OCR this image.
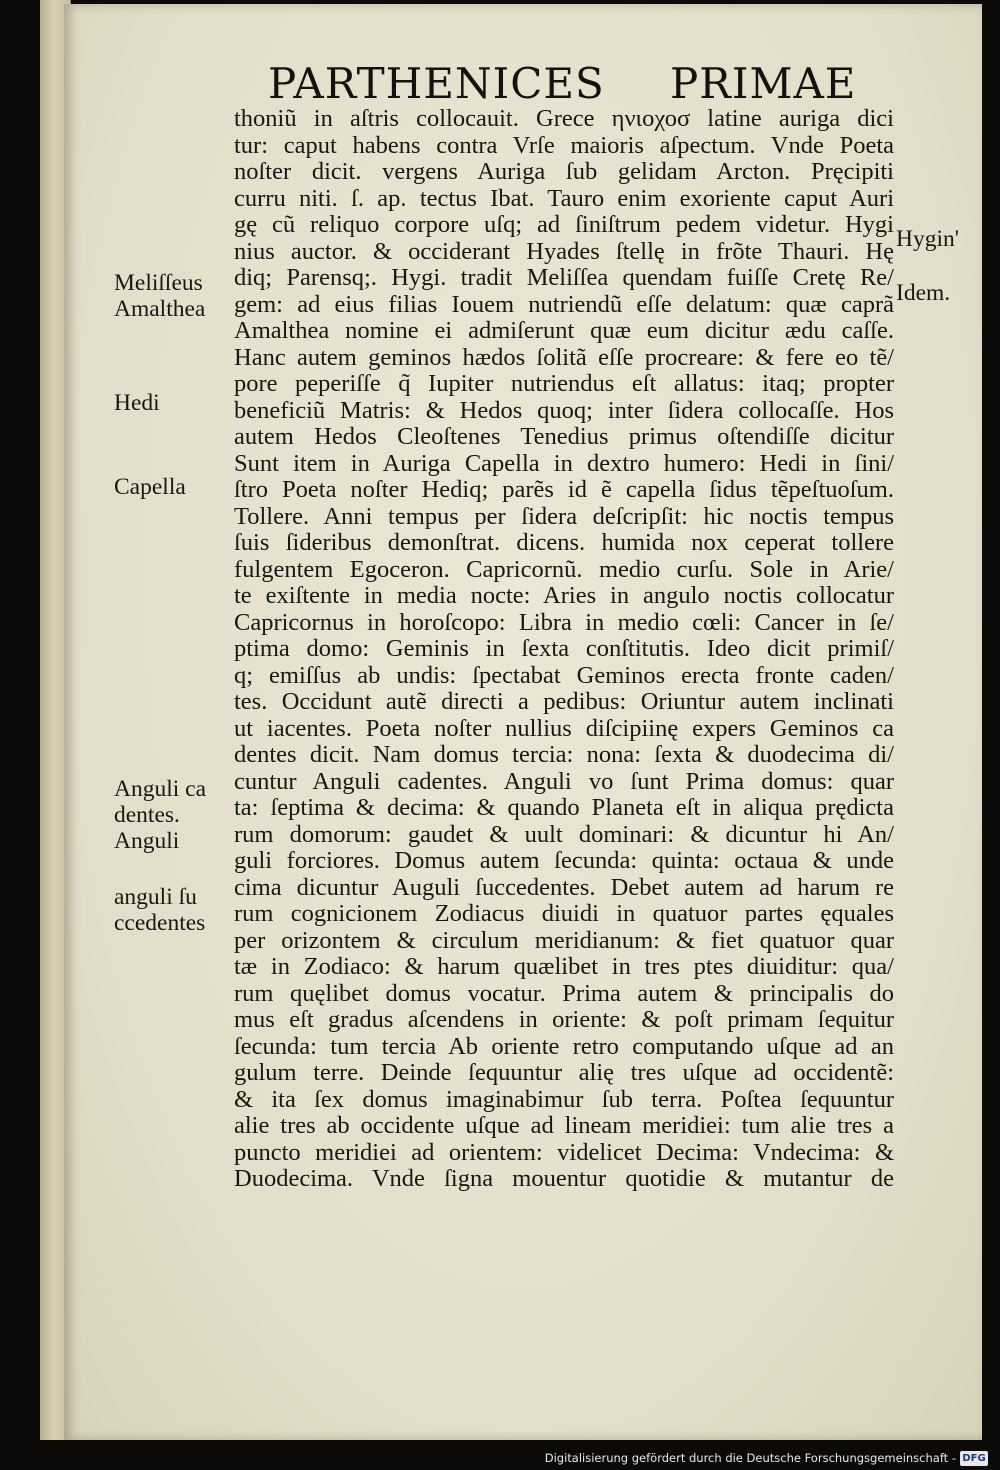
PARTHENICES PRIMAE
thoniũ in aſtris collocauit. Grece ηνιοχοσ latine auriga dici
tur: caput habens contra Vrſe maioris aſpectum. Vnde Poeta
noſter dicit. vergens Auriga ſub gelidam Arcton. Pręcipiti
curru niti. ſ. ap. tectus Ibat. Tauro enim exoriente caput Auri
gę cũ reliquo corpore uſq; ad ſiniſtrum pedem videtur. Hygi
nius auctor. & occiderant Hyades ſtellę in frõte Thauri. Hę
diq; Parensq;. Hygi. tradit Meliſſea quendam fuiſſe Cretę Re/
gem: ad eius filias Iouem nutriendũ eſſe delatum: quæ caprã
Amalthea nomine ei admiſerunt quæ eum dicitur ædu caſſe.
Hanc autem geminos hædos ſolitã eſſe procreare: & fere eo tẽ/
pore peperiſſe q̃ Iupiter nutriendus eſt allatus: itaq; propter
beneficiũ Matris: & Hedos quoq; inter ſidera collocaſſe. Hos
autem Hedos Cleoſtenes Tenedius primus oſtendiſſe dicitur
Sunt item in Auriga Capella in dextro humero: Hedi in ſini/
ſtro Poeta noſter Hediq; parẽs id ẽ capella ſidus tẽpeſtuoſum.
Tollere. Anni tempus per ſidera deſcripſit: hic noctis tempus
ſuis ſideribus demonſtrat. dicens. humida nox ceperat tollere
fulgentem Egoceron. Capricornũ. medio curſu. Sole in Arie/
te exiſtente in media nocte: Aries in angulo noctis collocatur
Capricornus in horoſcopo: Libra in medio cœli: Cancer in ſe/
ptima domo: Geminis in ſexta conſtitutis. Ideo dicit primiſ/
q; emiſſus ab undis: ſpectabat Geminos erecta fronte caden/
tes. Occidunt autẽ directi a pedibus: Oriuntur autem inclinati
ut iacentes. Poeta noſter nullius diſcipiinę expers Geminos ca
dentes dicit. Nam domus tercia: nona: ſexta & duodecima di/
cuntur Anguli cadentes. Anguli vo ſunt Prima domus: quar
ta: ſeptima & decima: & quando Planeta eſt in aliqua prędicta
rum domorum: gaudet & uult dominari: & dicuntur hi An/
guli forciores. Domus autem ſecunda: quinta: octaua & unde
cima dicuntur Auguli ſuccedentes. Debet autem ad harum re
rum cognicionem Zodiacus diuidi in quatuor partes ęquales
per orizontem & circulum meridianum: & fiet quatuor quar
tæ in Zodiaco: & harum quælibet in tres ptes diuiditur: qua/
rum quęlibet domus vocatur. Prima autem & principalis do
mus eſt gradus aſcendens in oriente: & poſt primam ſequitur
ſecunda: tum tercia Ab oriente retro computando uſque ad an
gulum terre. Deinde ſequuntur alię tres uſque ad occidentẽ:
& ita ſex domus imaginabimur ſub terra. Poſtea ſequuntur
alie tres ab occidente uſque ad lineam meridiei: tum alie tres a
puncto meridiei ad orientem: videlicet Decima: Vndecima: &
Duodecima. Vnde ſigna mouentur quotidie & mutantur de
Meliſſeus
Amalthea
Hedi
Capella
Anguli ca
dentes.
Anguli
anguli ſu
ccedentes
Hygin'
Idem.
Digitalisierung gefördert durch die Deutsche Forschungsgemeinschaft - DFG
